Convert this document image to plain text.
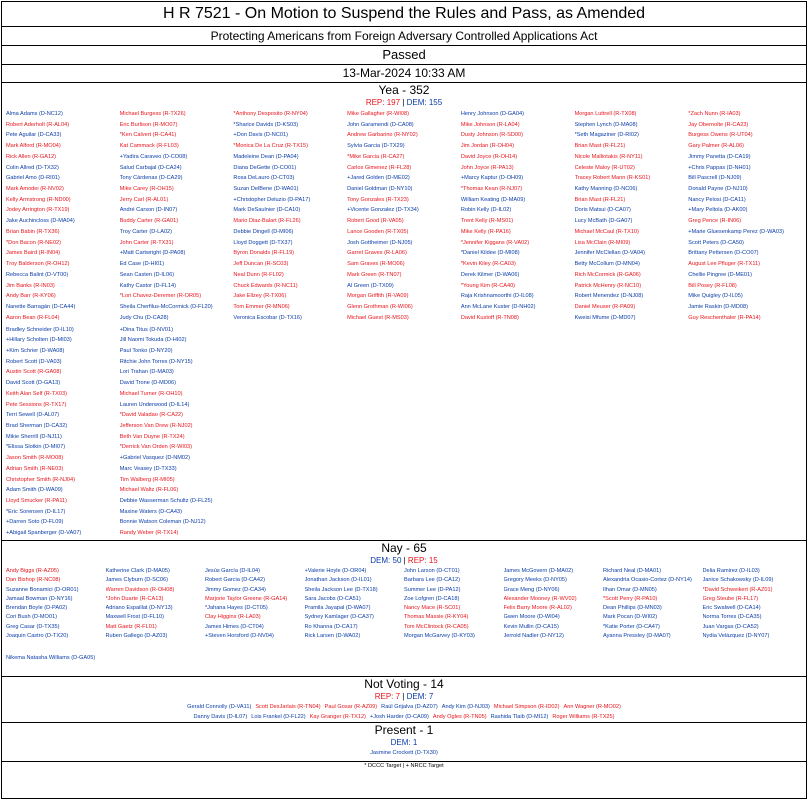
H R 7521 - On Motion to Suspend the Rules and Pass, as Amended
Protecting Americans from Foreign Adversary Controlled Applications Act
Passed
13-Mar-2024 10:33 AM
Yea - 352
REP: 197 | DEM: 155
Alma Adams (D-NC12)
Robert Aderholt (R-AL04)
Pete Aguilar (D-CA33)
Mark Alford (R-MO04)
Rick Allen (R-GA12)
Colin Allred (D-TX32)
Gabriel Amo (D-RI01)
Mark Amodei (R-NV02)
Kelly Armstrong (R-ND00)
Jodey Arrington (R-TX19)
Jake Auchincloss (D-MA04)
Brian Babin (R-TX36)
*Don Bacon (R-NE02)
James Baird (R-IN04)
Troy Balderson (R-OH12)
Rebecca Balint (D-VT00)
Jim Banks (R-IN03)
Andy Barr (R-KY06)
Nanette Barragán (D-CA44)
Aaron Bean (R-FL04)
Michael Burgess (R-TX26)
Eric Burlison (R-MO07)
*Ken Calvert (R-CA41)
Kat Cammack (R-FL03)
+Yadira Caraveo (D-CO08)
Salud Carbajal (D-CA24)
Tony Cárdenas (D-CA29)
Mike Carey (R-OH15)
Jerry Carl (R-AL01)
André Carson (D-IN07)
Buddy Carter (R-GA01)
Troy Carter (D-LA02)
John Carter (R-TX31)
+Matt Cartwright (D-PA08)
Ed Case (D-HI01)
Sean Casten (D-IL06)
Kathy Castor (D-FL14)
*Lori Chavez-Deremer (R-OR05)
Sheila Cherfilus-McCormick (D-FL20)
Judy Chu (D-CA28)
*Anthony Desposito (R-NY04)
*Sharice Davids (D-KS03)
+Don Davis (D-NC01)
*Monica De La Cruz (R-TX15)
Madeleine Dean (D-PA04)
Diana DeGette (D-CO01)
Rosa DeLauro (D-CT03)
Suzan DelBene (D-WA01)
+Christopher Deluzio (D-PA17)
Mark DeSaulnier (D-CA10)
Mario Diaz-Balart (R-FL26)
Debbie Dingell (D-MI06)
Lloyd Doggett (D-TX37)
Byron Donalds (R-FL19)
Jeff Duncan (R-SC03)
Neal Dunn (R-FL02)
Chuck Edwards (R-NC11)
Jake Ellzey (R-TX06)
Tom Emmer (R-MN06)
Veronica Escobar (D-TX16)
Mike Gallagher (R-WI08)
John Garamendi (D-CA08)
Andrew Garbarino (R-NY02)
Sylvia Garcia (D-TX29)
*Mike Garcia (R-CA27)
Carlos Gimenez (R-FL28)
+Jared Golden (D-ME02)
Daniel Goldman (D-NY10)
Tony Gonzales (R-TX23)
+Vicente Gonzalez (D-TX34)
Robert Good (R-VA05)
Lance Gooden (R-TX05)
Josh Gottheimer (D-NJ05)
Garret Graves (R-LA06)
Sam Graves (R-MO06)
Mark Green (R-TN07)
Al Green (D-TX09)
Morgan Griffith (R-VA09)
Glenn Grothman (R-WI06)
Michael Guest (R-MS03)
Henry Johnson (D-GA04)
Mike Johnson (R-LA04)
Dusty Johnson (R-SD00)
Jim Jordan (R-OH04)
David Joyce (R-OH14)
John Joyce (R-PA13)
+Marcy Kaptur (D-OH09)
*Thomas Kean (R-NJ07)
William Keating (D-MA09)
Robin Kelly (D-IL02)
Trent Kelly (R-MS01)
Mike Kelly (R-PA16)
*Jennifer Kiggans (R-VA02)
*Daniel Kildee (D-MI08)
*Kevin Kiley (R-CA03)
Derek Kilmer (D-WA06)
*Young Kim (R-CA40)
Raja Krishnamoorthi (D-IL08)
Ann McLane Kuster (D-NH02)
David Kustoff (R-TN08)
Morgan Luttrell (R-TX08)
Stephen Lynch (D-MA08)
*Seth Magaziner (D-RI02)
Brian Mast (R-FL21)
Nicole Malliotakis (R-NY11)
Celeste Maloy (R-UT02)
Tracey Robert Mann (R-KS01)
Kathy Manning (D-NC06)
Brian Mast (R-FL21)
Doris Matsui (D-CA07)
Lucy McBath (D-GA07)
Michael McCaul (R-TX10)
Lisa McClain (R-MI09)
Jennifer McClellan (D-VA04)
Betty McCollum (D-MN04)
Rich McCormick (R-GA06)
Patrick McHenry (R-NC10)
Robert Menendez (D-NJ08)
Daniel Meuser (R-PA09)
Kweisi Mfume (D-MD07)
*Zach Nunn (R-IA03)
Jay Obernolte (R-CA23)
Burgess Owens (R-UT04)
Gary Palmer (R-AL06)
Jimmy Panetta (D-CA19)
+Chris Pappas (D-NH01)
Bill Pascrell (D-NJ09)
Donald Payne (D-NJ10)
Nancy Pelosi (D-CA11)
+Mary Peltola (D-AK00)
Greg Pence (R-IN06)
+Marie Gluesenkamp Perez (D-WA03)
Scott Peters (D-CA50)
Brittany Pettersen (D-CO07)
August Lee Pfluger (R-TX11)
Chellie Pingree (D-ME01)
Bill Posey (R-FL08)
Mike Quigley (D-IL05)
Jamie Raskin (D-MD08)
Guy Reschenthaler (R-PA14)
Bradley Schneider (D-IL10)
+Hillary Scholten (D-MI03)
+Kim Schrier (D-WA08)
Robert Scott (D-VA03)
Austin Scott (R-GA08)
David Scott (D-GA13)
Keith Alan Self (R-TX03)
Pete Sessions (R-TX17)
Terri Sewell (D-AL07)
Brad Sherman (D-CA32)
Mikie Sherrill (D-NJ11)
*Elissa Slotkin (D-MI07)
Jason Smith (R-MO08)
Adrian Smith (R-NE03)
Christopher Smith (R-NJ04)
Adam Smith (D-WA09)
Lloyd Smucker (R-PA11)
*Eric Sorensen (D-IL17)
+Darren Soto (D-FL09)
+Abigail Spanberger (D-VA07)
+Dina Titus (D-NV01)
Jill Naomi Tokuda (D-HI02)
Paul Tonko (D-NY20)
Ritchie John Torres (D-NY15)
Lori Trahan (D-MA03)
David Trone (D-MD06)
Michael Turner (R-OH10)
Lauren Underwood (D-IL14)
*David Valadao (R-CA22)
Jefferson Van Drew (R-NJ02)
Beth Van Duyne (R-TX24)
*Derrick Van Orden (R-WI03)
+Gabriel Vasquez (D-NM02)
Marc Veasey (D-TX33)
Tim Walberg (R-MI05)
Michael Waltz (R-FL06)
Debbie Wasserman Schultz (D-FL25)
Maxine Waters (D-CA43)
Bonnie Watson Coleman (D-NJ12)
Randy Weber (R-TX14)
Nay - 65
DEM: 50 | REP: 15
Andy Biggs (R-AZ05)
Dan Bishop (R-NC08)
Suzanne Bonamici (D-OR01)
Jamaal Bowman (D-NY16)
Brendan Boyle (D-PA02)
Cori Bush (D-MO01)
Greg Casar (D-TX35)
Joaquin Castro (D-TX20)
Katherine Clark (D-MA05)
James Clyburn (D-SC06)
Warren Davidson (R-OH08)
*John Duarte (R-CA13)
Adriano Espaillat (D-NY13)
Maxwell Frost (D-FL10)
Matt Gaetz (R-FL01)
Ruben Gallego (D-AZ03)
Jesús García (D-IL04)
Robert Garcia (D-CA42)
Jimmy Gomez (D-CA34)
Marjorie Taylor Greene (R-GA14)
*Jahana Hayes (D-CT05)
Clay Higgins (R-LA03)
James Himes (D-CT04)
+Steven Horsford (D-NV04)
+Valerie Hoyle (D-OR04)
Jonathan Jackson (D-IL01)
Sheila Jackson Lee (D-TX18)
Sara Jacobs (D-CA51)
Pramila Jayapal (D-WA07)
Sydney Kamlager (D-CA37)
Ro Khanna (D-CA17)
Rick Larsen (D-WA02)
John Larson (D-CT01)
Barbara Lee (D-CA12)
Summer Lee (D-PA12)
Zoe Lofgren (D-CA18)
Nancy Mace (R-SC01)
Thomas Massie (R-KY04)
Tom McClintock (R-CA05)
Morgan McGarvey (D-KY03)
James McGovern (D-MA02)
Gregory Meeks (D-NY05)
Grace Meng (D-NY06)
Alexander Mooney (R-WV02)
Felix Barry Moore (R-AL02)
Gwen Moore (D-WI04)
Kevin Mullin (D-CA15)
Jerrold Nadler (D-NY12)
Richard Neal (D-MA01)
Alexandria Ocasio-Cortez (D-NY14)
Ilhan Omar (D-MN05)
*Scott Perry (R-PA10)
Dean Phillips (D-MN03)
Mark Pocan (D-WI02)
*Katie Porter (D-CA47)
Ayanna Pressley (D-MA07)
Delia Ramirez (D-IL03)
Janice Schakowsky (D-IL09)
*David Schweikert (R-AZ01)
Greg Steube (R-FL17)
Eric Swalwell (D-CA14)
Norma Torres (D-CA35)
Juan Vargas (D-CA52)
Nydia Velázquez (D-NY07)
Nikema Natasha Williams (D-GA05)
Not Voting - 14
REP: 7 | DEM: 7
Gerald Connolly (D-VA11) Scott DesJarlais (R-TN04) Paul Gosar (R-AZ09) Raúl Grijalva (D-AZ07) Andy Kim (D-NJ03) Michael Simpson (R-ID02) Ann Wagner (R-MO02)
Danny Davis (D-IL07) Lois Frankel (D-FL22) Kay Granger (R-TX12) +Josh Harder (D-CA09) Andy Ogles (R-TN05) Rashida Tlaib (D-MI12) Roger Williams (R-TX25)
Present - 1
DEM: 1
Jasmine Crockett (D-TX30)
* DCCC Target | + NRCC Target
